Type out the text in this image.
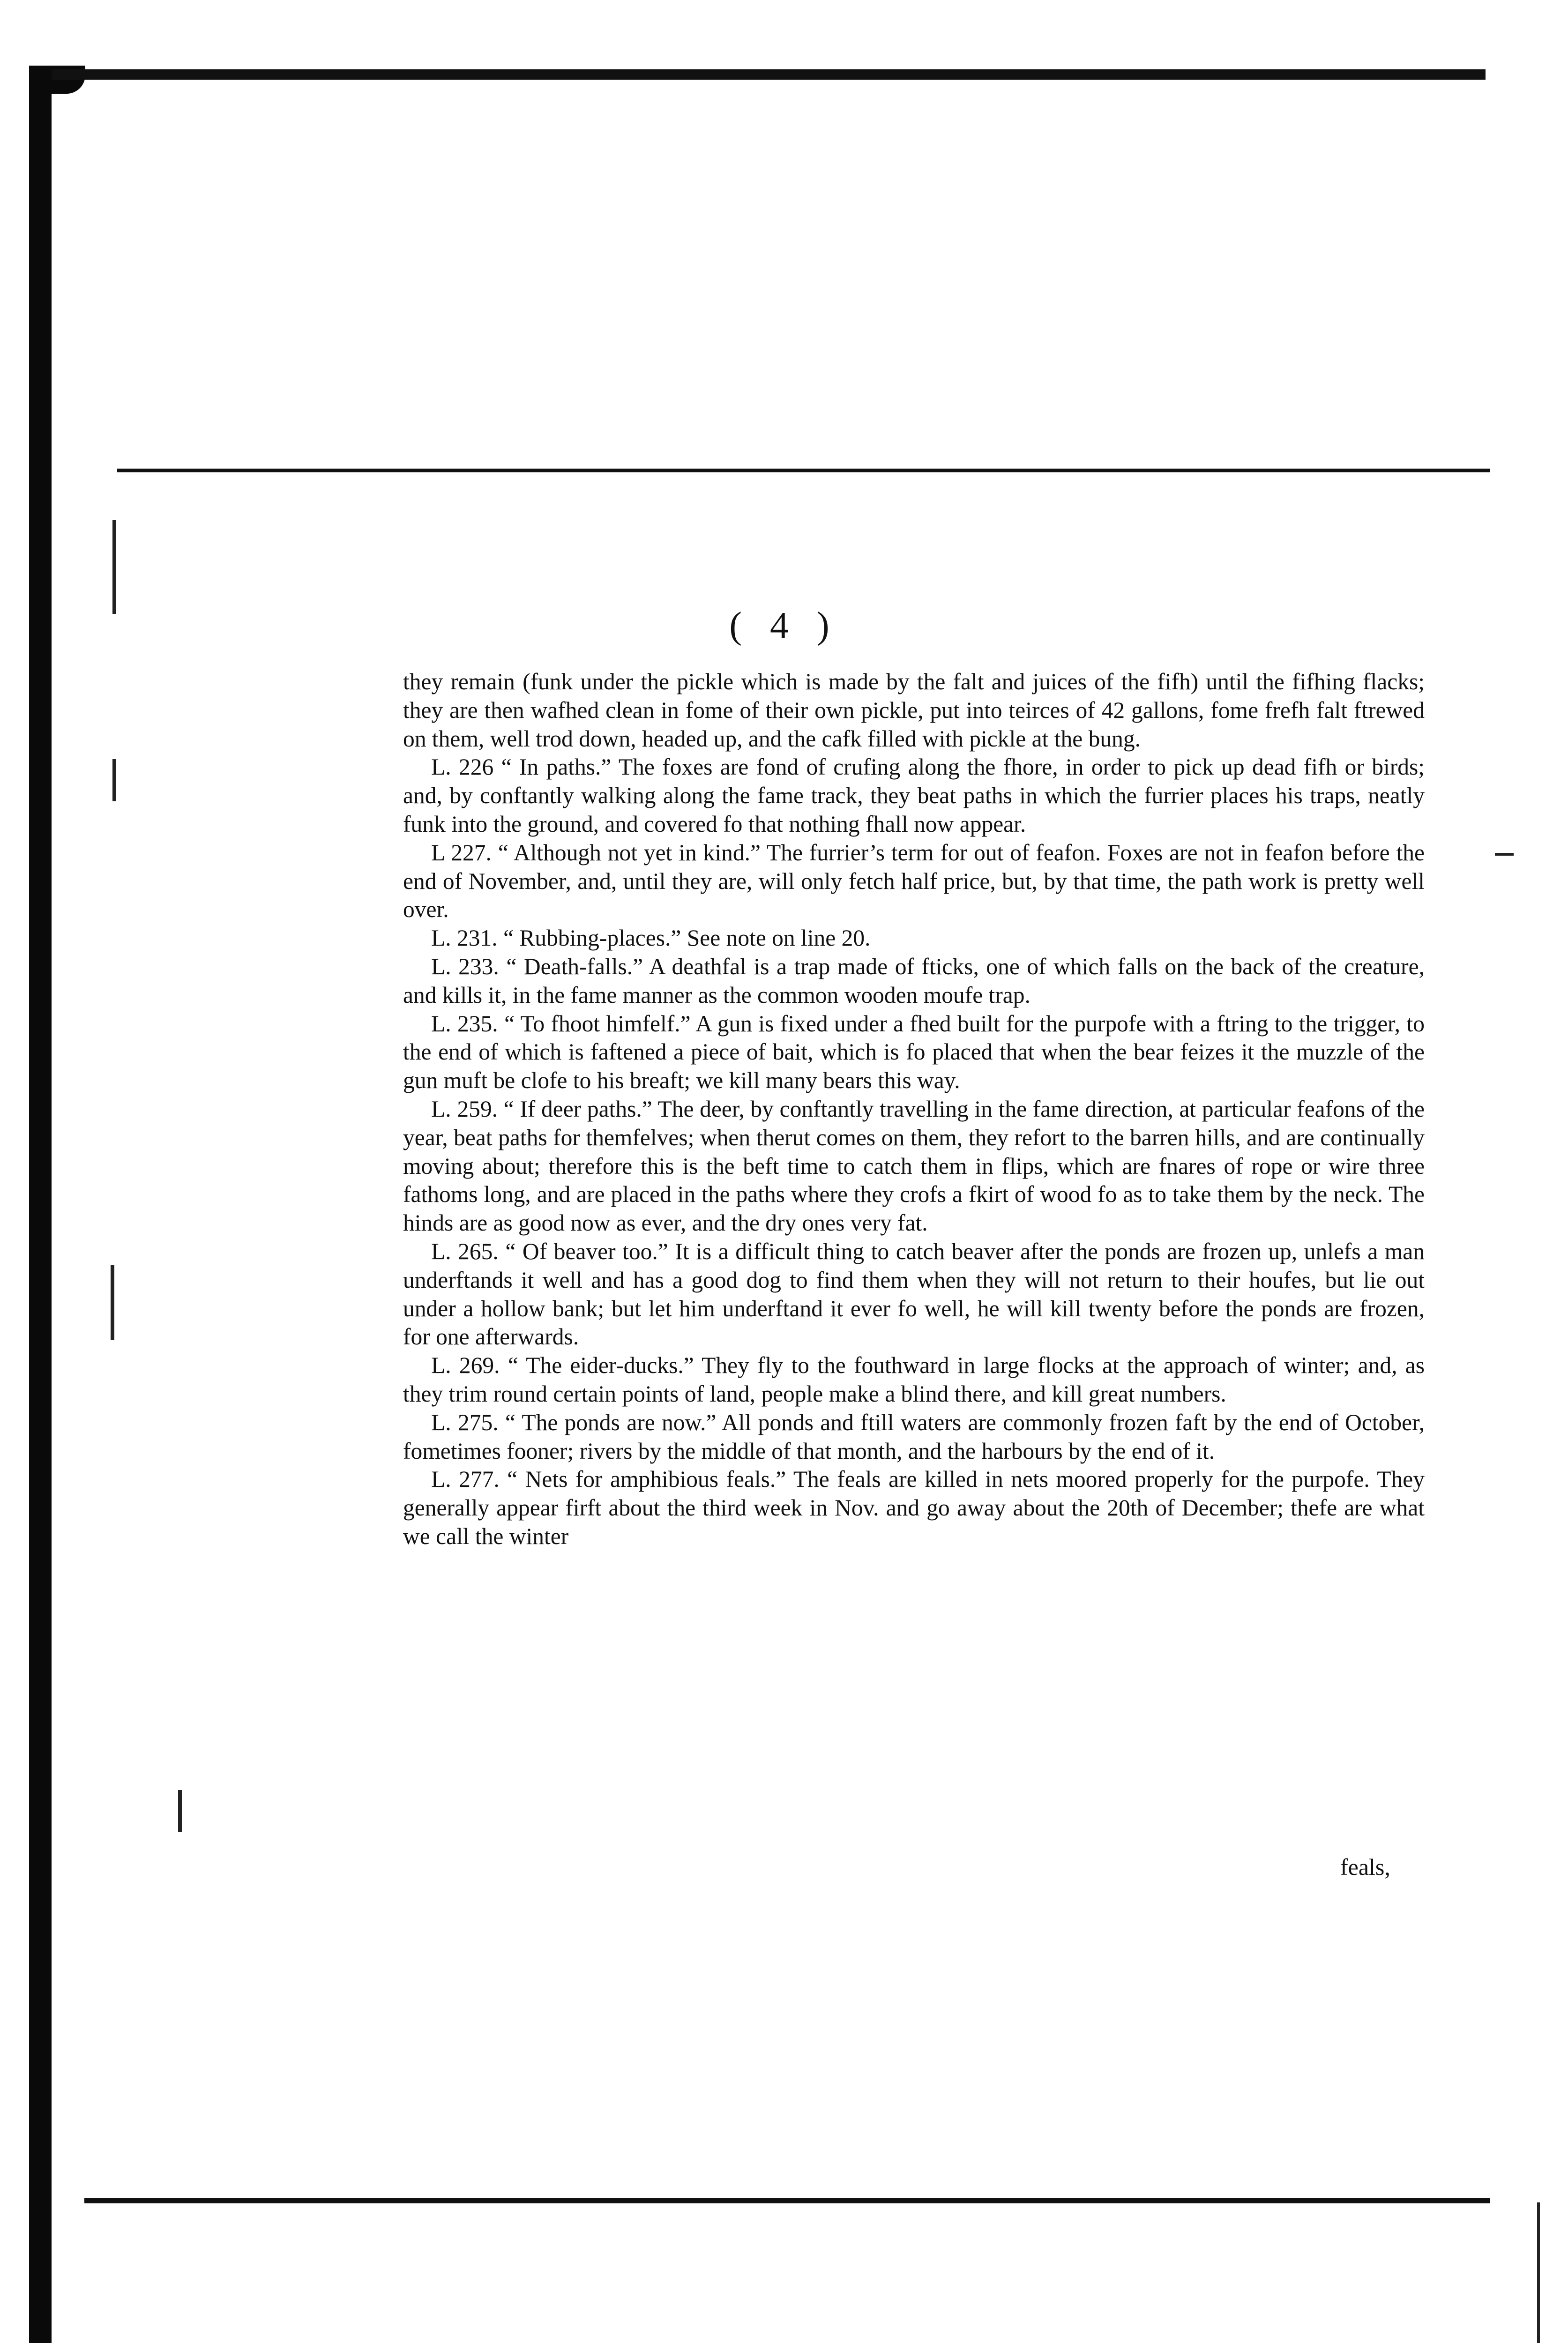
( 4 )

they remain (funk under the pickle which is made by the falt and juices of the fifh) until the fifhing flacks; they are then wafhed clean in fome of their own pickle, put into teirces of 42 gallons, fome frefh falt ftrewed on them, well trod down, headed up, and the cafk filled with pickle at the bung.

L. 226 “ In paths.” The foxes are fond of crufing along the fhore, in order to pick up dead fifh or birds; and, by conftantly walking along the fame track, they beat paths in which the furrier places his traps, neatly funk into the ground, and covered fo that nothing fhall now appear.

L 227. “ Although not yet in kind.” The furrier’s term for out of feafon. Foxes are not in feafon before the end of November, and, until they are, will only fetch half price, but, by that time, the path work is pretty well over.

L. 231. “ Rubbing-places.” See note on line 20.

L. 233. “ Death-falls.” A deathfal is a trap made of fticks, one of which falls on the back of the creature, and kills it, in the fame manner as the common wooden moufe trap.

L. 235. “ To fhoot himfelf.” A gun is fixed under a fhed built for the purpofe with a ftring to the trigger, to the end of which is faftened a piece of bait, which is fo placed that when the bear feizes it the muzzle of the gun muft be clofe to his breaft; we kill many bears this way.

L. 259. “ If deer paths.” The deer, by conftantly travelling in the fame direction, at particular feafons of the year, beat paths for themfelves; when therut comes on them, they refort to the barren hills, and are continually moving about; therefore this is the beft time to catch them in flips, which are fnares of rope or wire three fathoms long, and are placed in the paths where they crofs a fkirt of wood fo as to take them by the neck. The hinds are as good now as ever, and the dry ones very fat.

L. 265. “ Of beaver too.” It is a difficult thing to catch beaver after the ponds are frozen up, unlefs a man underftands it well and has a good dog to find them when they will not return to their houfes, but lie out under a hollow bank; but let him underftand it ever fo well, he will kill twenty before the ponds are frozen, for one afterwards.

L. 269. “ The eider-ducks.” They fly to the fouthward in large flocks at the approach of winter; and, as they trim round certain points of land, people make a blind there, and kill great numbers.

L. 275. “ The ponds are now.” All ponds and ftill waters are commonly frozen faft by the end of October, fometimes fooner; rivers by the middle of that month, and the harbours by the end of it.

L. 277. “ Nets for amphibious feals.” The feals are killed in nets moored properly for the purpofe. They generally appear firft about the third week in Nov. and go away about the 20th of December; thefe are what we call the winter

feals,
